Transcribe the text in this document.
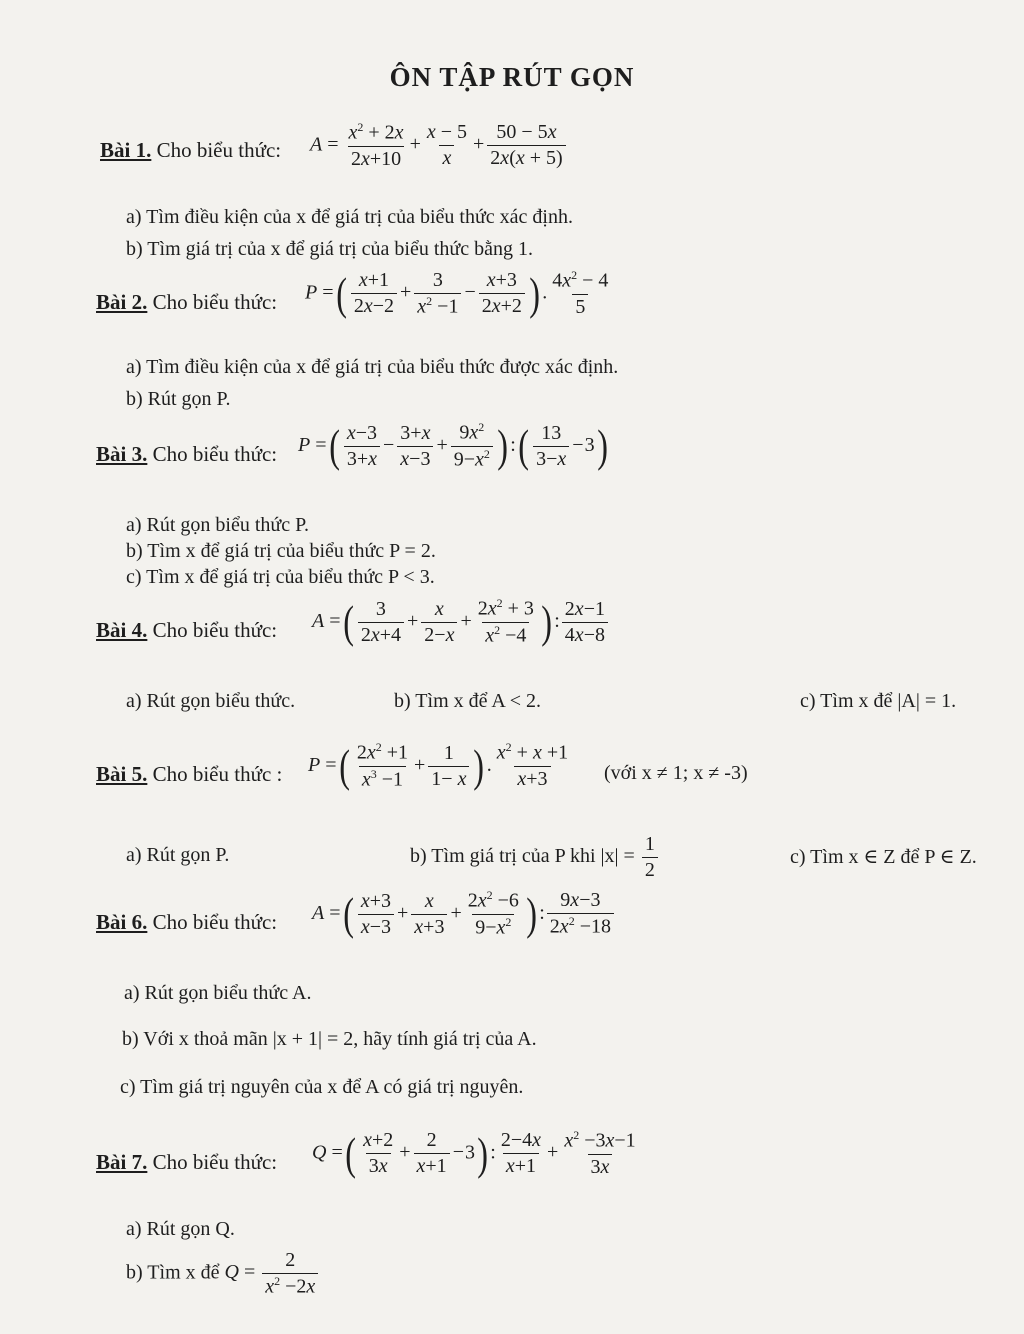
ÔN TẬP RÚT GỌN
Bài 1. Cho biểu thức: $A = \frac{x^2 + 2x}{2x+10} + \frac{x - 5}{x} + \frac{50 - 5x}{2x(x + 5)}$
a) Tìm điều kiện của x để giá trị của biểu thức xác định.
b) Tìm giá trị của x để giá trị của biểu thức bằng 1.
Bài 2. Cho biểu thức: P =( $\frac{x+1}{2x-2} + \frac{3}{x^2 -1} - \frac{x+3}{2x+2}$ ) . $\frac{4x^2 - 4}{5}$
a) Tìm điều kiện của x để giá trị của biểu thức được xác định.
b) Rút gọn P.
Bài 3. Cho biểu thức: P =( $\frac{x-3}{3+x} - \frac{3+x}{x-3} + \frac{9x^2}{9-x^2}$ ) :( $\frac{13}{3-x} -3$)
a) Rút gọn biểu thức P.
b) Tìm x để giá trị của biểu thức P = 2.
c) Tìm x để giá trị của biểu thức P < 3.
Bài 4. Cho biểu thức: A =( $\frac{3}{2x+4} + \frac{x}{2-x} + \frac{2x^2 + 3}{x^2 -4}$ ) : $\frac{2x-1}{4x-8}$
a) Rút gọn biểu thức.	b) Tìm x để A < 2.	c) Tìm x để |A| = 1.
Bài 5. Cho biểu thức : P =( $\frac{2x^2 +1}{x^3 -1} + \frac{1}{1- x}$ ) . $\frac{x^2 + x +1}{x+3}$ (với x ≠ 1; x ≠ -3)
a) Rút gọn P.	b) Tìm giá trị của P khi $|x| = \frac{1}{2}$	c) Tìm x ∈ Z để P ∈ Z.
Bài 6. Cho biểu thức: A =( $\frac{x+3}{x-3} + \frac{x}{x+3} + \frac{2x^2 -6}{9-x^2}$ ) : $\frac{9x-3}{2x^2 -18}$
a) Rút gọn biểu thức A.
b) Với x thoả mãn |x + 1| = 2, hãy tính giá trị của A.
c) Tìm giá trị nguyên của x để A có giá trị nguyên.
Bài 7. Cho biểu thức: Q =( $\frac{x+2}{3x} + \frac{2}{x+1} -3$) : $\frac{2-4x}{x+1} + \frac{x^2 -3x-1}{3x}$
a) Rút gọn Q.
b) Tìm x để $Q = \frac{2}{x^2 -2x}$
